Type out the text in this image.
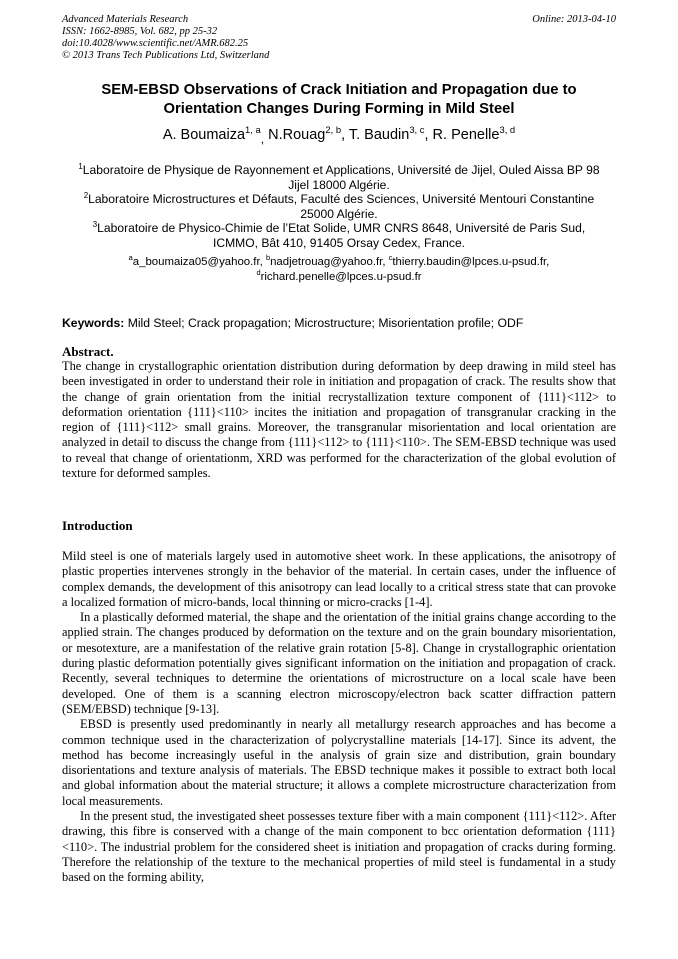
Advanced Materials Research
ISSN: 1662-8985, Vol. 682, pp 25-32
doi:10.4028/www.scientific.net/AMR.682.25
© 2013 Trans Tech Publications Ltd, Switzerland
Online: 2013-04-10
SEM-EBSD Observations of Crack Initiation and Propagation due to
Orientation Changes During Forming in Mild Steel
A. Boumaiza$^{1, a}_,$ N.Rouag$^{2, b}$, T. Baudin$^{3, c}$, R. Penelle$^{3, d}$

$^1$Laboratoire de Physique de Rayonnement et Applications, Université de Jijel, Ouled Aissa BP 98

Jijel 18000 Algérie.

$^2$Laboratoire Microstructures et Défauts, Faculté des Sciences, Université Mentouri Constantine

25000 Algérie.

$^3$Laboratoire de Physico-Chimie de l’Etat Solide, UMR CNRS 8648, Université de Paris Sud,

ICMMO, Bât 410, 91405 Orsay Cedex, France.

$^a$a_boumaiza05@yahoo.fr, $^b$nadjetrouag@yahoo.fr, $^c$thierry.baudin@lpces.u-psud.fr,

$^d$richard.penelle@lpces.u-psud.fr

Keywords: Mild Steel; Crack propagation; Microstructure; Misorientation profile; ODF
Abstract.

The change in crystallographic orientation distribution during deformation by deep drawing in mild steel has been investigated in order to understand their role in initiation and propagation of crack. The results show that the change of grain orientation from the initial recrystallization texture component of {111}<112> to deformation orientation {111}<110> incites the initiation and propagation of transgranular cracking in the region of {111}<112> small grains. Moreover, the transgranular misorientation and local orientation are analyzed in detail to discuss the change from {111}<112> to {111}<110>. The SEM-EBSD technique was used to reveal that change of orientationm, XRD was performed for the characterization of the global evolution of texture for deformed samples.

Introduction

Mild steel is one of materials largely used in automotive sheet work. In these applications, the anisotropy of plastic properties intervenes strongly in the behavior of the material. In certain cases, under the influence of complex demands, the development of this anisotropy can lead locally to a critical stress state that can provoke a localized formation of micro-bands, local thinning or micro-cracks [1-4].

In a plastically deformed material, the shape and the orientation of the initial grains change according to the applied strain. The changes produced by deformation on the texture and on the grain boundary misorientation, or mesotexture, are a manifestation of the relative grain rotation [5-8]. Change in crystallographic orientation during plastic deformation potentially gives significant information on the initiation and propagation of crack. Recently, several techniques to determine the orientations of microstructure on a local scale have been developed. One of them is a scanning electron microscopy/electron back scatter diffraction pattern (SEM/EBSD) technique [9-13].

EBSD is presently used predominantly in nearly all metallurgy research approaches and has become a common technique used in the characterization of polycrystalline materials [14-17]. Since its advent, the method has become increasingly useful in the analysis of grain size and distribution, grain boundary disorientations and texture analysis of materials. The EBSD technique makes it possible to extract both local and global information about the material structure; it allows a complete microstructure characterization from local measurements.

In the present stud, the investigated sheet possesses texture fiber with a main component {111}<112>. After drawing, this fibre is conserved with a change of the main component to bcc orientation deformation {111}<110>. The industrial problem for the considered sheet is initiation and propagation of cracks during forming. Therefore the relationship of the texture to the mechanical properties of mild steel is fundamental in a study based on the forming ability,
